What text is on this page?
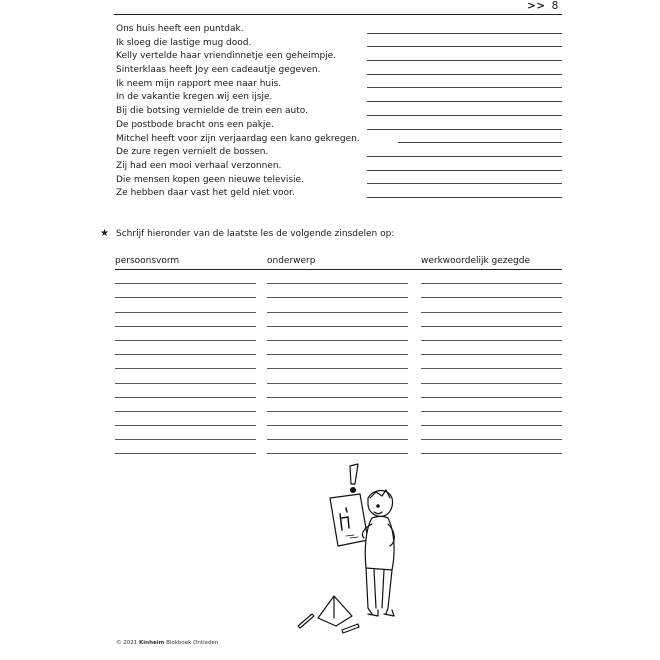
>> 8
Ons huis heeft een puntdak.
Ik sloeg die lastige mug dood.
Kelly vertelde haar vriendinnetje een geheimpje.
Sinterklaas heeft Joy een cadeautje gegeven.
Ik neem mijn rapport mee naar huis.
In de vakantie kregen wij een ijsje.
Bij die botsing vernielde de trein een auto.
De postbode bracht ons een pakje.
Mitchel heeft voor zijn verjaardag een kano gekregen.
De zure regen vernielt de bossen.
Zij had een mooi verhaal verzonnen.
Die mensen kopen geen nieuwe televisie.
Ze hebben daar vast het geld niet voor.
★ Schrijf hieronder van de laatste les de volgende zinsdelen op:
persoonsvorm	onderwerp	werkwoordelijk gezegde
© 2021 Kinheim Blokboek Ontleden
